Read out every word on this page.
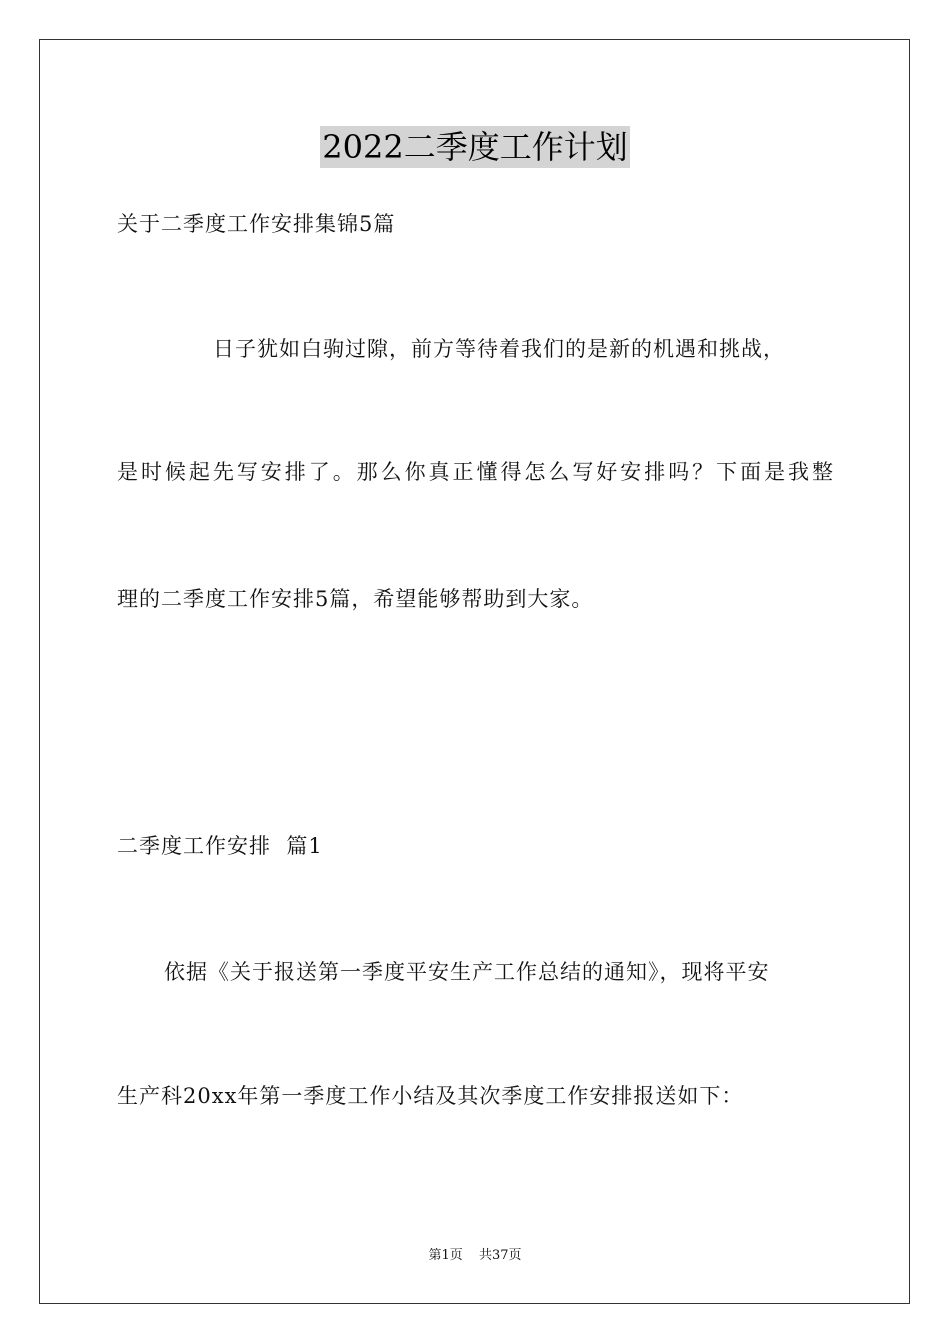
2022二季度工作计划
关于二季度工作安排集锦5篇
日子犹如白驹过隙，前方等待着我们的是新的机遇和挑战，
是时候起先写安排了。那么你真正懂得怎么写好安排吗？下面是我整
理的二季度工作安排5篇，希望能够帮助到大家。
二季度工作安排  篇1
依据《关于报送第一季度平安生产工作总结的通知》，现将平安
生产科20xx年第一季度工作小结及其次季度工作安排报送如下：
第1页 共37页
